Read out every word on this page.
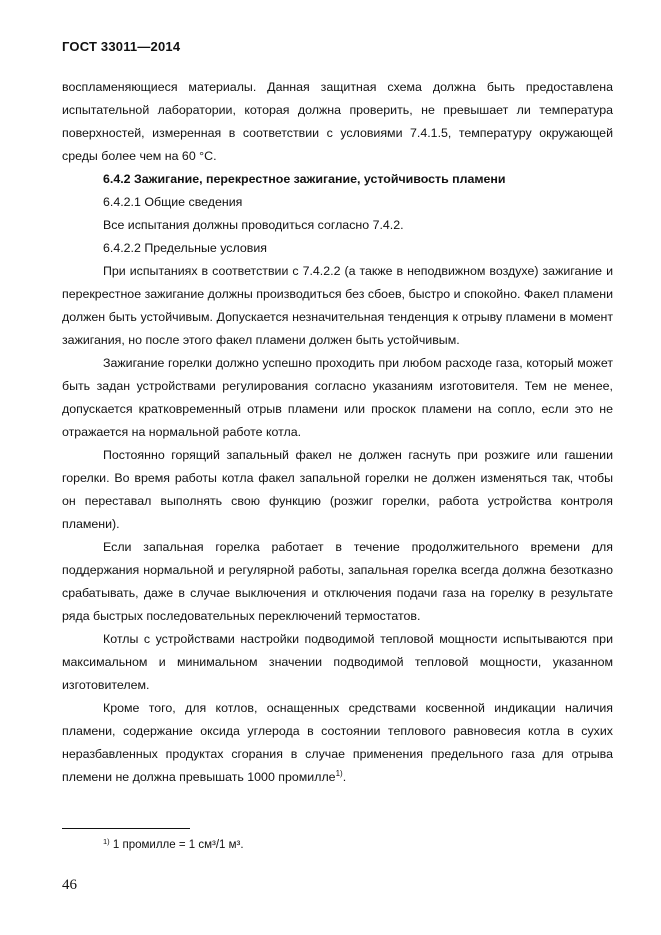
ГОСТ 33011—2014

воспламеняющиеся материалы. Данная защитная схема должна быть предоставлена испытательной лаборатории, которая должна проверить, не превышает ли температура поверхностей, измеренная в соответствии с условиями 7.4.1.5, температуру окружающей среды более чем на 60 °С.

6.4.2 Зажигание, перекрестное зажигание, устойчивость пламени

6.4.2.1 Общие сведения

Все испытания должны проводиться согласно 7.4.2.

6.4.2.2 Предельные условия

При испытаниях в соответствии с 7.4.2.2 (а также в неподвижном воздухе) зажигание и перекрестное зажигание должны производиться без сбоев, быстро и спокойно. Факел пламени должен быть устойчивым. Допускается незначительная тенденция к отрыву пламени в момент зажигания, но после этого факел пламени должен быть устойчивым.

Зажигание горелки должно успешно проходить при любом расходе газа, который может быть задан устройствами регулирования согласно указаниям изготовителя. Тем не менее, допускается кратковременный отрыв пламени или проскок пламени на сопло, если это не отражается на нормальной работе котла.

Постоянно горящий запальный факел не должен гаснуть при розжиге или гашении горелки. Во время работы котла факел запальной горелки не должен изменяться так, чтобы он переставал выполнять свою функцию (розжиг горелки, работа устройства контроля пламени).

Если запальная горелка работает в течение продолжительного времени для поддержания нормальной и регулярной работы, запальная горелка всегда должна безотказно срабатывать, даже в случае выключения и отключения подачи газа на горелку в результате ряда быстрых последовательных переключений термостатов.

Котлы с устройствами настройки подводимой тепловой мощности испытываются при максимальном и минимальном значении подводимой тепловой мощности, указанном изготовителем.

Кроме того, для котлов, оснащенных средствами косвенной индикации наличия пламени, содержание оксида углерода в состоянии теплового равновесия котла в сухих неразбавленных продуктах сгорания в случае применения предельного газа для отрыва племени не должна превышать 1000 промилле$^{1)}$.

$^{1)}$ 1 промилле = 1 см³/1 м³.
46
